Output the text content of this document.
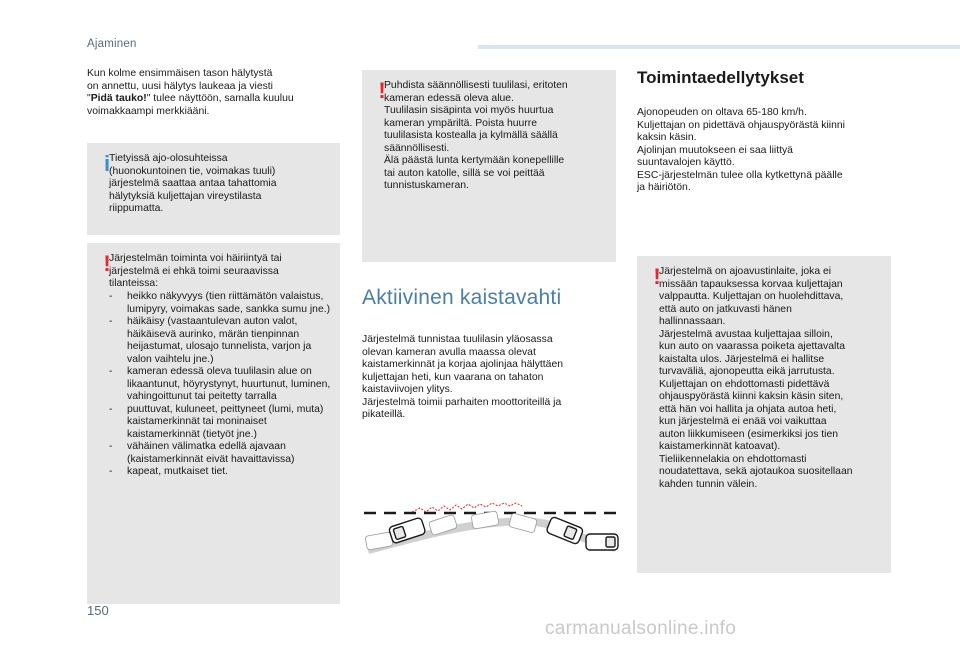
Ajaminen

Kun kolme ensimmäisen tason hälytystä
on annettu, uusi hälytys laukeaa ja viesti
"Pidä tauko!" tulee näyttöön, samalla kuuluu
voimakkaampi merkkiääni.

i
Tietyissä ajo-olosuhteissa
(huonokuntoinen tie, voimakas tuuli)
järjestelmä saattaa antaa tahattomia
hälytyksiä kuljettajan vireystilasta
riippumatta.
!
Järjestelmän toiminta voi häiriintyä tai
järjestelmä ei ehkä toimi seuraavissa
tilanteissa:
- heikko näkyvyys (tien riittämätön valaistus, lumipyry, voimakas sade, sankka sumu jne.)
- häikäisy (vastaantulevan auton valot, häikäisevä aurinko, märän tienpinnan heijastumat, ulosajo tunnelista, varjon ja valon vaihtelu jne.)
- kameran edessä oleva tuulilasin alue on likaantunut, höyrystynyt, huurtunut, luminen, vahingoittunut tai peitetty tarralla
- puuttuvat, kuluneet, peittyneet (lumi, muta) kaistamerkinnät tai moninaiset kaistamerkinnät (tietyöt jne.)
- vähäinen välimatka edellä ajavaan (kaistamerkinnät eivät havaittavissa)
- kapeat, mutkaiset tiet.
!
Puhdista säännöllisesti tuulilasi, eritoten
kameran edessä oleva alue.
Tuulilasin sisäpinta voi myös huurtua
kameran ympäriltä. Poista huurre
tuulilasista kostealla ja kylmällä säällä
säännöllisesti.
Älä päästä lunta kertymään konepellille
tai auton katolle, sillä se voi peittää
tunnistuskameran.
Aktiivinen kaistavahti

Järjestelmä tunnistaa tuulilasin yläosassa
olevan kameran avulla maassa olevat
kaistamerkinnät ja korjaa ajolinjaa hälyttäen
kuljettajan heti, kun vaarana on tahaton
kaistaviivojen ylitys.
Järjestelmä toimii parhaiten moottoriteillä ja
pikateillä.

Toimintaedellytykset

Ajonopeuden on oltava 65-180 km/h.
Kuljettajan on pidettävä ohjauspyörästä kiinni
kaksin käsin.
Ajolinjan muutokseen ei saa liittyä
suuntavalojen käyttö.
ESC-järjestelmän tulee olla kytkettynä päälle
ja häiriötön.

!
Järjestelmä on ajoavustinlaite, joka ei
missään tapauksessa korvaa kuljettajan
valppautta. Kuljettajan on huolehdittava,
että auto on jatkuvasti hänen
hallinnassaan.
Järjestelmä avustaa kuljettajaa silloin,
kun auto on vaarassa poiketa ajettavalta
kaistalta ulos. Järjestelmä ei hallitse
turvaväliä, ajonopeutta eikä jarrutusta.
Kuljettajan on ehdottomasti pidettävä
ohjauspyörästä kiinni kaksin käsin siten,
että hän voi hallita ja ohjata autoa heti,
kun järjestelmä ei enää voi vaikuttaa
auton liikkumiseen (esimerkiksi jos tien
kaistamerkinnät katoavat).
Tieliikennelakia on ehdottomasti
noudatettava, sekä ajotaukoa suositellaan
kahden tunnin välein.
150
carmanualsonline.info
